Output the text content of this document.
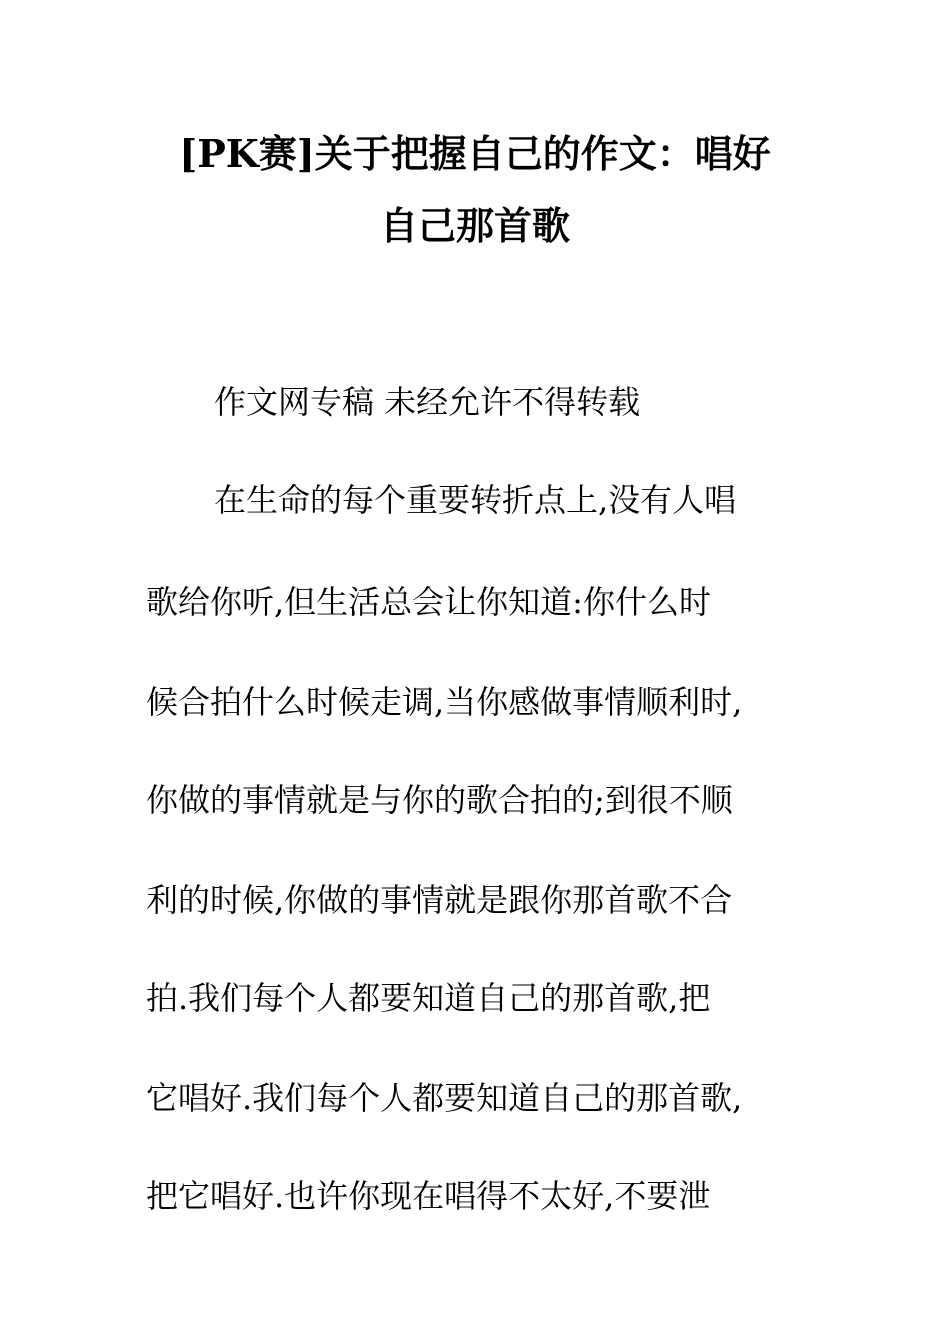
[PK赛]关于把握自己的作文：唱好
自己那首歌
作文网专稿 未经允许不得转载
在生命的每个重要转折点上,没有人唱
歌给你听,但生活总会让你知道:你什么时
候合拍什么时候走调,当你感做事情顺利时,
你做的事情就是与你的歌合拍的;到很不顺
利的时候,你做的事情就是跟你那首歌不合
拍.我们每个人都要知道自己的那首歌,把
它唱好.我们每个人都要知道自己的那首歌,
把它唱好.也许你现在唱得不太好,不要泄
